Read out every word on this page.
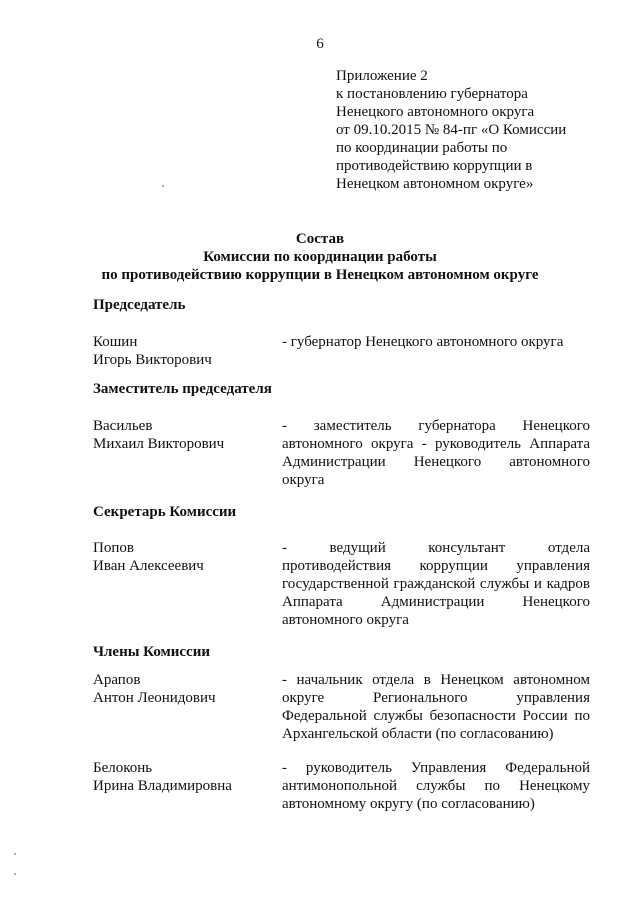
6
Приложение 2
к постановлению губернатора
Ненецкого автономного округа
от 09.10.2015 № 84-пг «О Комиссии
по координации работы по
противодействию коррупции в
Ненецком автономном округе»
Состав
Комиссии по координации работы
по противодействию коррупции в Ненецком автономном округе
Председатель
Кошин
Игорь Викторович
- губернатор Ненецкого автономного округа
Заместитель председателя
Васильев
Михаил Викторович
- заместитель губернатора Ненецкого
автономного округа - руководитель Аппарата
Администрации Ненецкого автономного
округа
Секретарь Комиссии
Попов
Иван Алексеевич
- ведущий консультант отдела
противодействия коррупции управления
государственной гражданской службы и кадров
Аппарата Администрации Ненецкого
автономного округа
Члены Комиссии
Арапов
Антон Леонидович
- начальник отдела в Ненецком автономном
округе Регионального управления
Федеральной службы безопасности России по
Архангельской области (по согласованию)
Белоконь
Ирина Владимировна
- руководитель Управления Федеральной
антимонопольной службы по Ненецкому
автономному округу (по согласованию)
